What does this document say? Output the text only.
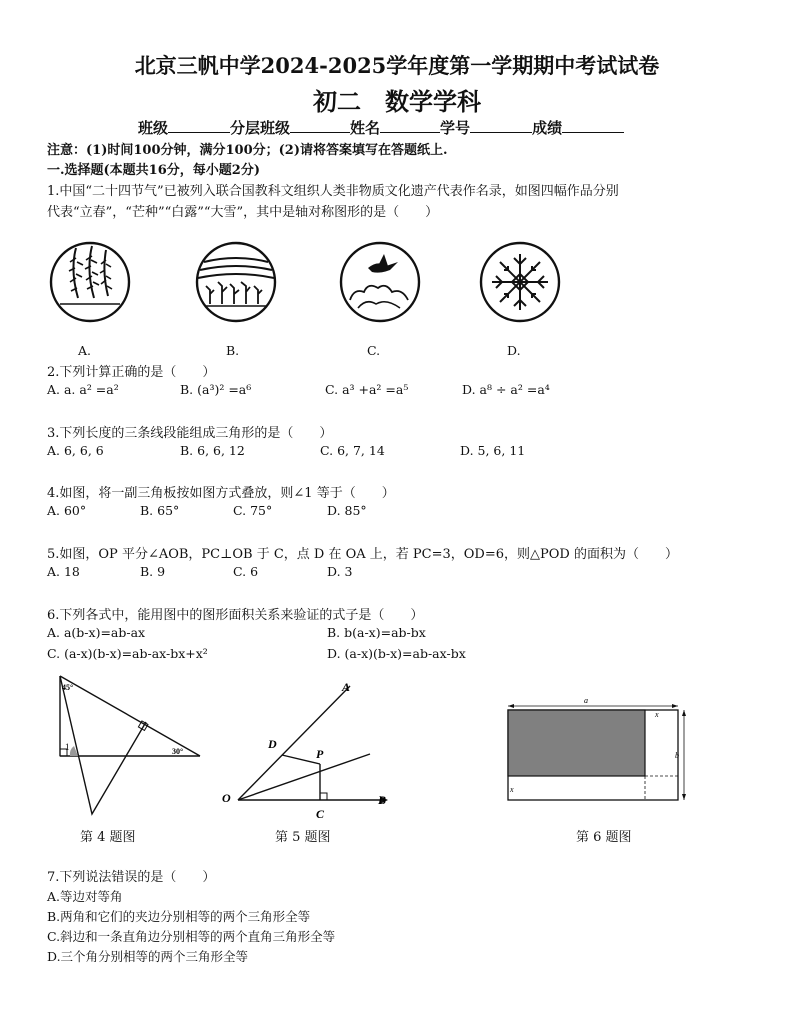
北京三帆中学2024-2025学年度第一学期期中考试试卷
初二　数学学科
班级	分层班级	姓名	学号	成绩
注意：(1)时间100分钟，满分100分；(2)请将答案填写在答题纸上.
一.选择题(本题共16分，每小题2分)
1.中国“二十四节气”已被列入联合国教科文组织人类非物质文化遗产代表作名录，如图四幅作品分别
代表“立春”，“芒种”“白露”“大雪”，其中是轴对称图形的是（　　）
A.	B.	C.	D.
2.下列计算正确的是（　　）
A. a. a² =a²	B. (a³)² =a⁶	C. a³ +a² =a⁵	D. a⁸ ÷ a² =a⁴
3.下列长度的三条线段能组成三角形的是（　　）
A. 6, 6, 6	B. 6, 6, 12	C. 6, 7, 14	D. 5, 6, 11
4.如图，将一副三角板按如图方式叠放，则∠1 等于（　　）
A. 60°	B. 65°	C. 75°	D. 85°
5.如图，OP 平分∠AOB，PC⊥OB 于 C，点 D 在 OA 上，若 PC=3，OD=6，则△POD 的面积为（　　）
A. 18	B. 9	C. 6	D. 3
6.下列各式中，能用图中的图形面积关系来验证的式子是（　　）
A. a(b-x)=ab-ax	B. b(a-x)=ab-bx
C. (a-x)(b-x)=ab-ax-bx+x²	D. (a-x)(b-x)=ab-ax-bx
45°
1	30°
第 4 题图
A
D
P
O
C
B
第 5 题图
a
x
b
x
第 6 题图
7.下列说法错误的是（　　）
A.等边对等角
B.两角和它们的夹边分别相等的两个三角形全等
C.斜边和一条直角边分别相等的两个直角三角形全等
D.三个角分别相等的两个三角形全等
